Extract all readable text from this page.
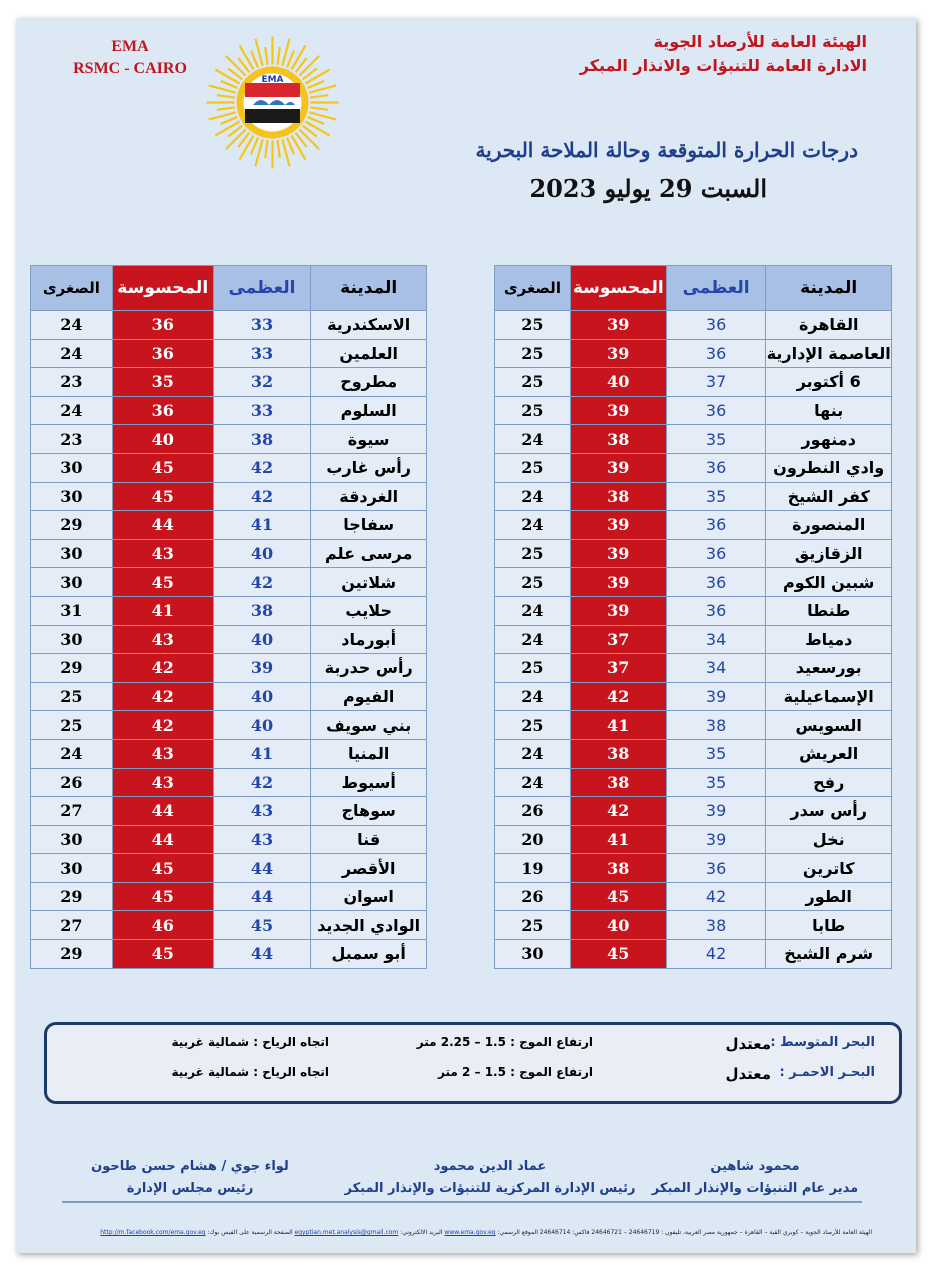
EMA
RSMC - CAIRO
EMA
الهيئة العامة للأرصاد الجوية
الادارة العامة للتنبؤات والانذار المبكر
درجات الحرارة المتوقعة وحالة الملاحة البحرية
السبت 29 يوليو 2023
المدينة	العظمى	المحسوسة	الصغرى
القاهرة	36	39	25
العاصمة الإدارية	36	39	25
6 أكتوبر	37	40	25
بنها	36	39	25
دمنهور	35	38	24
وادي النطرون	36	39	25
كفر الشيخ	35	38	24
المنصورة	36	39	24
الزقازيق	36	39	25
شبين الكوم	36	39	25
طنطا	36	39	24
دمياط	34	37	24
بورسعيد	34	37	25
الإسماعيلية	39	42	24
السويس	38	41	25
العريش	35	38	24
رفح	35	38	24
رأس سدر	39	42	26
نخل	39	41	20
كاترين	36	38	19
الطور	42	45	26
طابا	38	40	25
شرم الشيخ	42	45	30
المدينة	العظمى	المحسوسة	الصغرى
الاسكندرية	33	36	24
العلمين	33	36	24
مطروح	32	35	23
السلوم	33	36	24
سيوة	38	40	23
رأس غارب	42	45	30
الغردقة	42	45	30
سفاجا	41	44	29
مرسى علم	40	43	30
شلاتين	42	45	30
حلايب	38	41	31
أبورماد	40	43	30
رأس حدربة	39	42	29
الفيوم	40	42	25
بني سويف	40	42	25
المنيا	41	43	24
أسيوط	42	43	26
سوهاج	43	44	27
قنا	43	44	30
الأقصر	44	45	30
اسوان	44	45	29
الوادي الجديد	45	46	27
أبو سمبل	44	45	29
البحر المتوسط :
معتدل
ارتفاع الموج : 1.5 – 2.25 متر
اتجاه الرياح : شمالية غربية
البحـر الاحمـر :
معتدل
ارتفاع الموج : 1.5 – 2 متر
اتجاه الرياح : شمالية غربية
محمود شاهين
مدير عام التنبؤات والإنذار المبكر
عماد الدين محمود
رئيس الإدارة المركزية للتنبؤات والإنذار المبكر
لواء جوي / هشام حسن طاحون
رئيس مجلس الإدارة
الهيئة العامة للأرصاد الجوية – كوبري القبة – القاهرة – جمهورية مصر العربية، تليفون : 24646719 – 24646721 فاكس: 24646714 الموقع الرسمي: www.ema.gov.eg البريد الالكتروني: egyptian.met.analysis@gmail.com الصفحة الرسمية على الفيس بوك: http://m.facebook.com/ema.gov.eg
